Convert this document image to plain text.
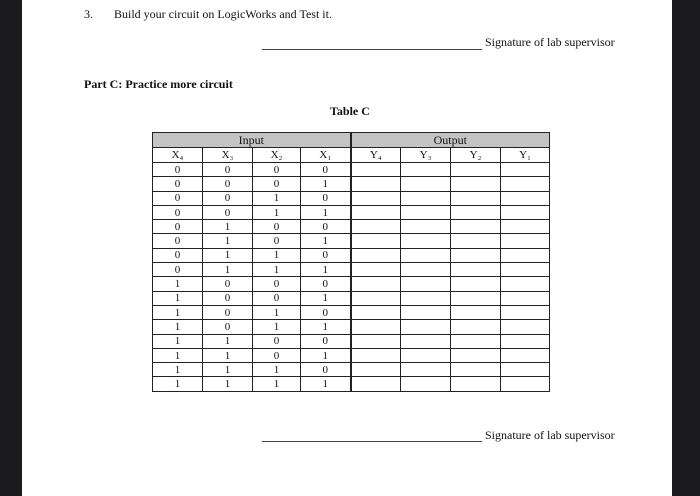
3. Build your circuit on LogicWorks and Test it.
Signature of lab supervisor
Part C: Practice more circuit
Table C
Input				Output			
X₄	X₃	X₂	X₁	Y₄	Y₃	Y₂	Y₁
0	0	0	0				
0	0	0	1				
0	0	1	0				
0	0	1	1				
0	1	0	0				
0	1	0	1				
0	1	1	0				
0	1	1	1				
1	0	0	0				
1	0	0	1				
1	0	1	0				
1	0	1	1				
1	1	0	0				
1	1	0	1				
1	1	1	0				
1	1	1	1				
Signature of lab supervisor
